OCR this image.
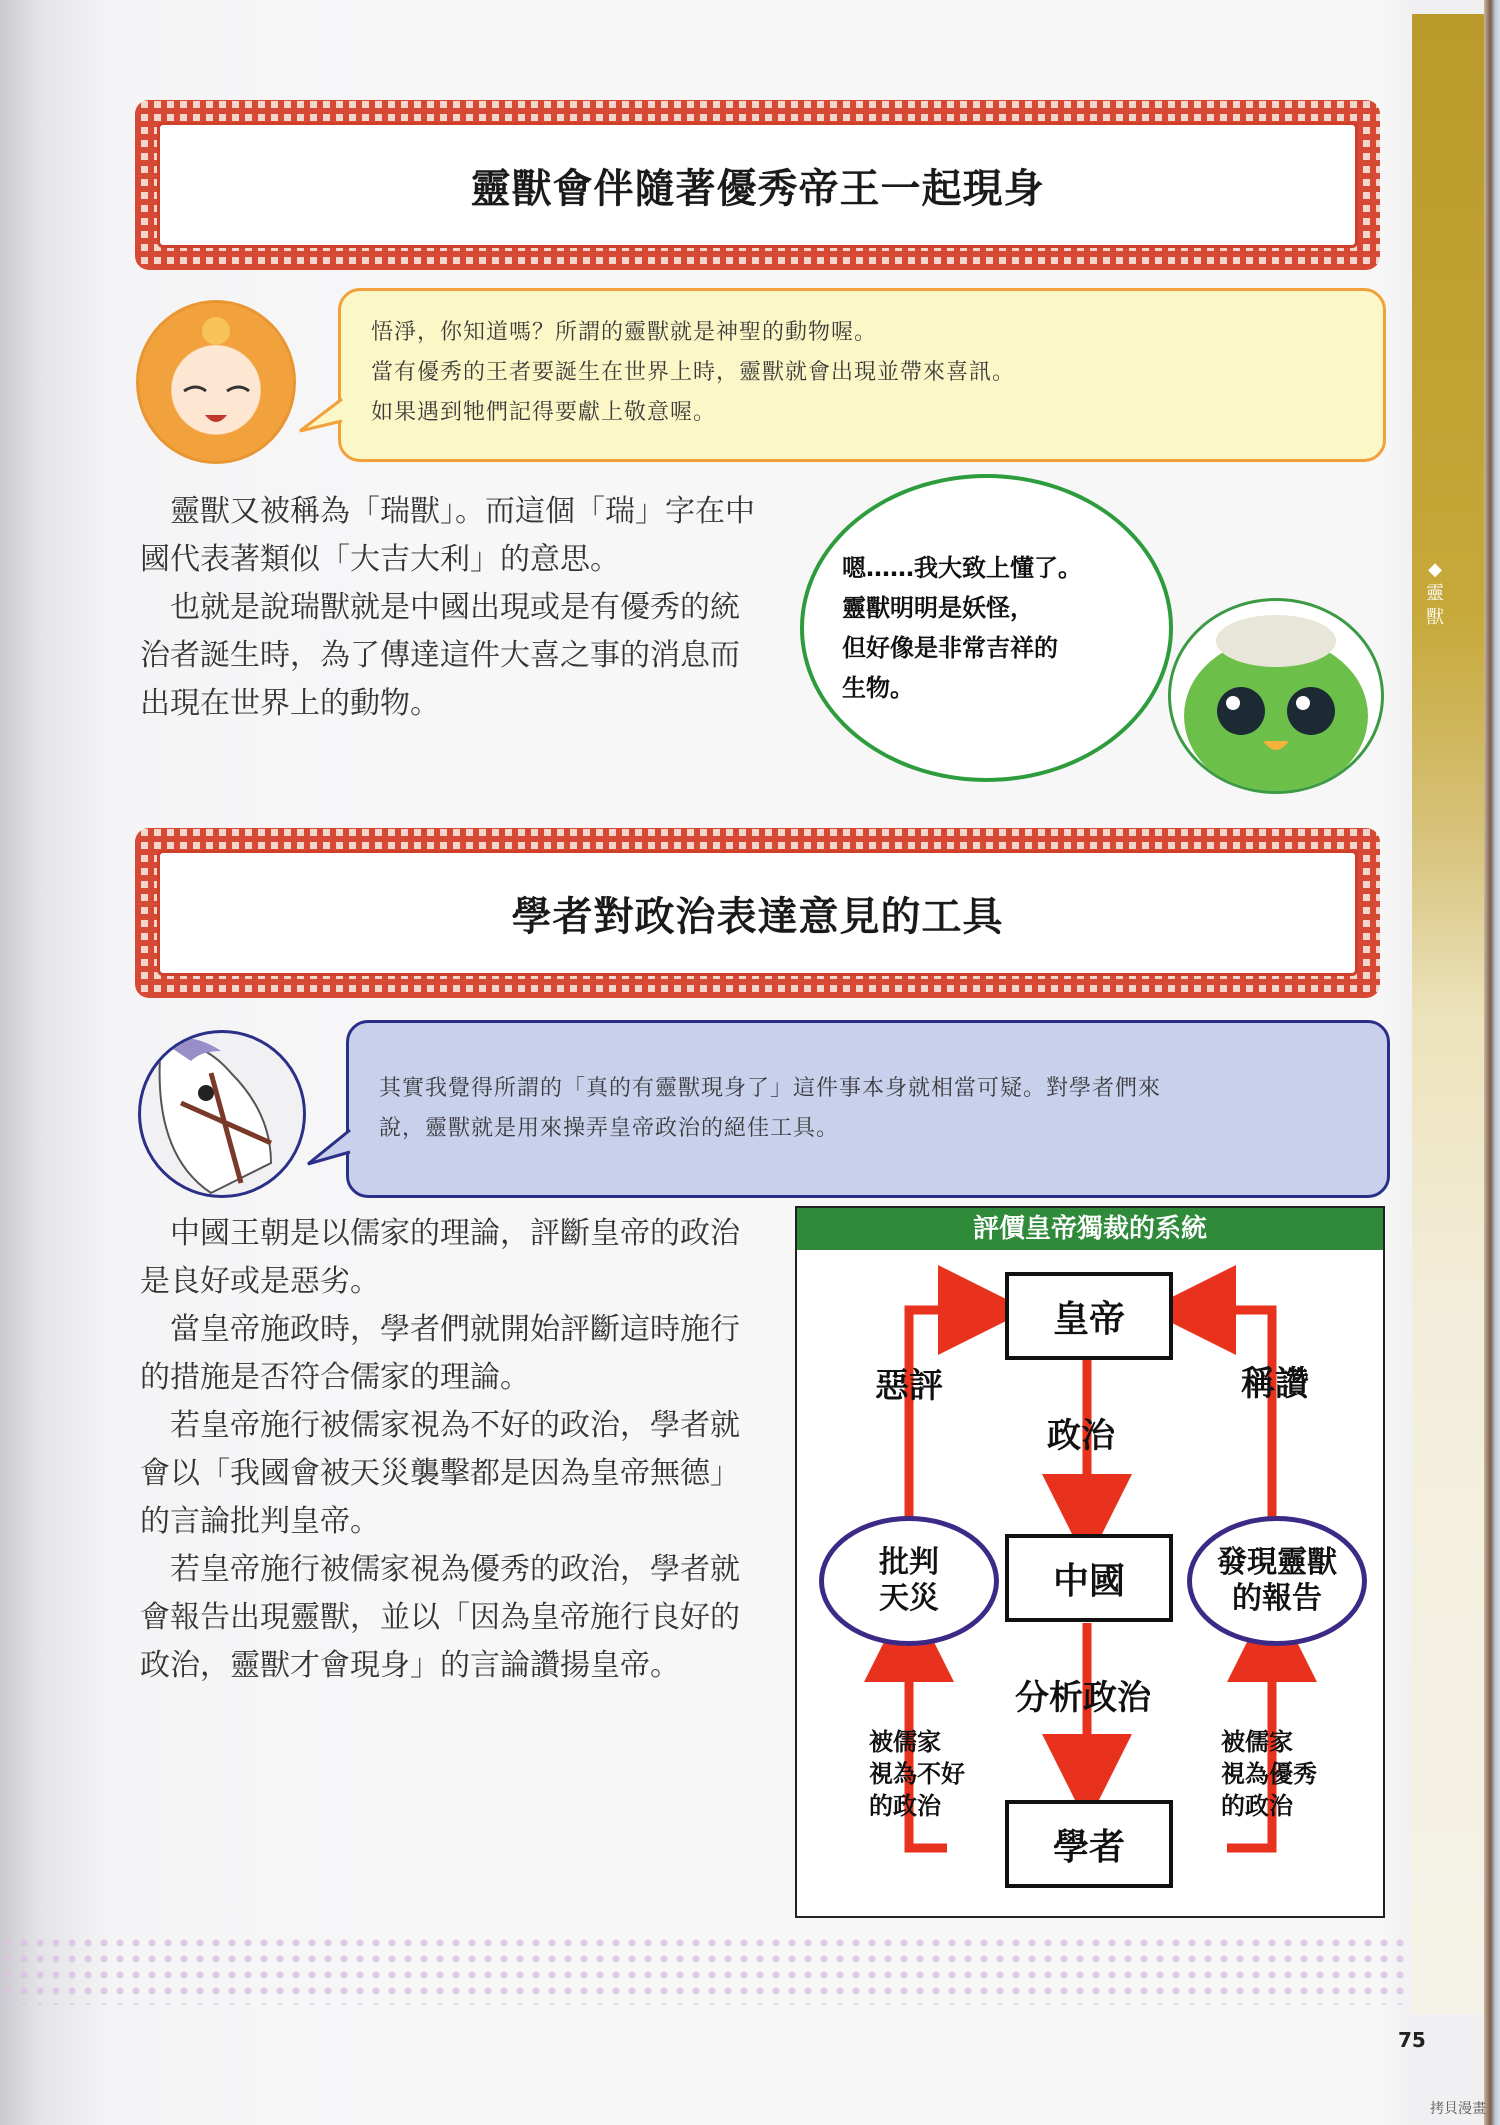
◆靈獸
靈獸會伴隨著優秀帝王一起現身
悟淨，你知道嗎？所謂的靈獸就是神聖的動物喔。
當有優秀的王者要誕生在世界上時，靈獸就會出現並帶來喜訊。
如果遇到牠們記得要獻上敬意喔。

靈獸又被稱為「瑞獸」。而這個「瑞」字在中國代表著類似「大吉大利」的意思。

也就是說瑞獸就是中國出現或是有優秀的統治者誕生時，為了傳達這件大喜之事的消息而出現在世界上的動物。

嗯……我大致上懂了。
靈獸明明是妖怪，
但好像是非常吉祥的
生物。
學者對政治表達意見的工具
其實我覺得所謂的「真的有靈獸現身了」這件事本身就相當可疑。對學者們來
說，靈獸就是用來操弄皇帝政治的絕佳工具。

中國王朝是以儒家的理論，評斷皇帝的政治是良好或是惡劣。

當皇帝施政時，學者們就開始評斷這時施行的措施是否符合儒家的理論。

若皇帝施行被儒家視為不好的政治，學者就會以「我國會被天災襲擊都是因為皇帝無德」的言論批判皇帝。

若皇帝施行被儒家視為優秀的政治，學者就會報告出現靈獸，並以「因為皇帝施行良好的政治，靈獸才會現身」的言論讚揚皇帝。

評價皇帝獨裁的系統
皇帝
中國
學者
批判
天災
發現靈獸
的報告
惡評	稱讚
政治
分析政治
被儒家
視為不好
的政治
被儒家
視為優秀
的政治
75
拷貝漫畫
